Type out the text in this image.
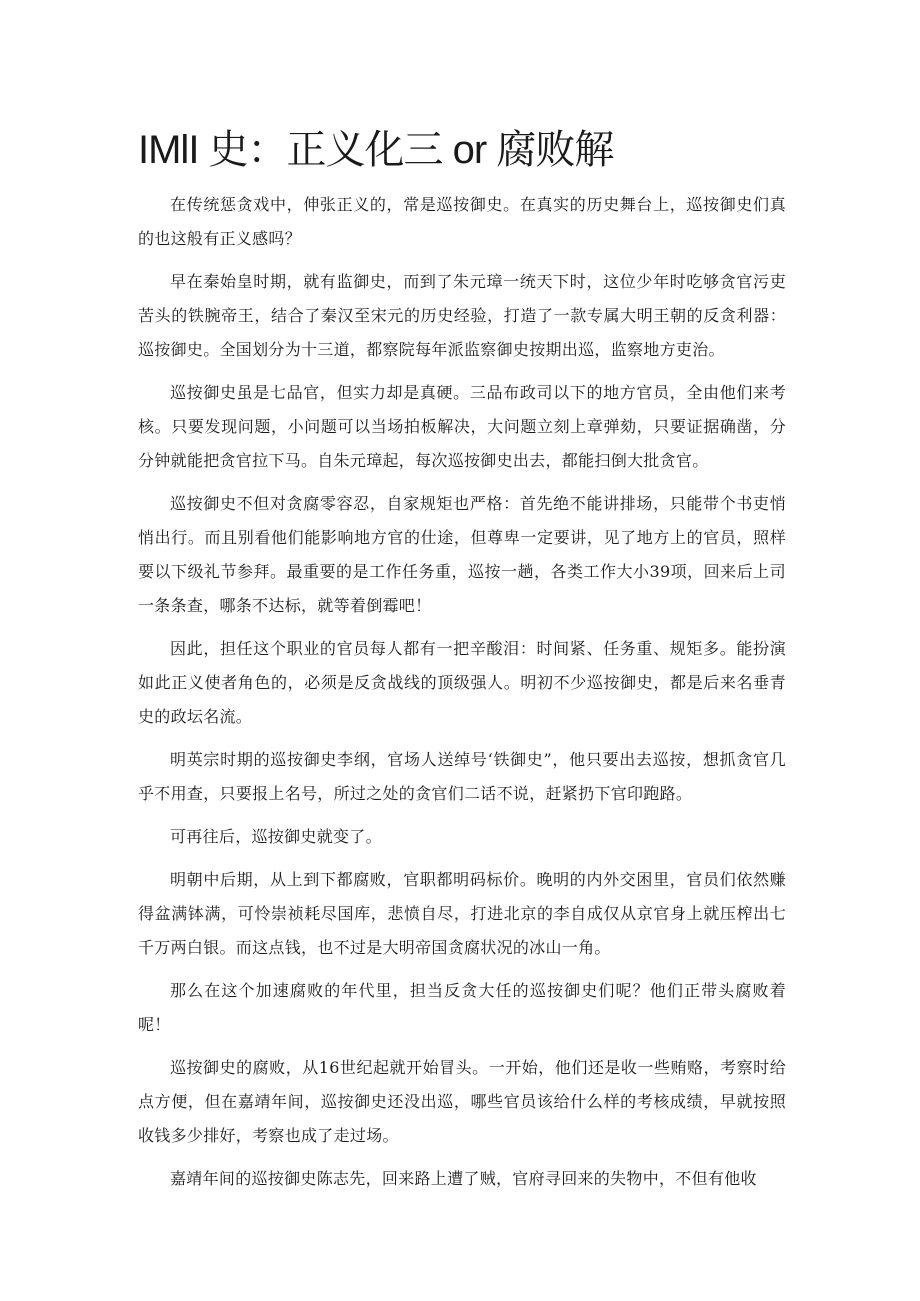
IMlI 史：正义化三 or 腐败解

在传统惩贪戏中，伸张正义的，常是巡按御史。在真实的历史舞台上，巡按御史们真的也这般有正义感吗？

早在秦始皇时期，就有监御史，而到了朱元璋一统天下时，这位少年时吃够贪官污吏苦头的铁腕帝王，结合了秦汉至宋元的历史经验，打造了一款专属大明王朝的反贪利器：巡按御史。全国划分为十三道，都察院每年派监察御史按期出巡，监察地方吏治。

巡按御史虽是七品官，但实力却是真硬。三品布政司以下的地方官员，全由他们来考核。只要发现问题，小问题可以当场拍板解决，大问题立刻上章弹劾，只要证据确凿，分分钟就能把贪官拉下马。自朱元璋起，每次巡按御史出去，都能扫倒大批贪官。

巡按御史不但对贪腐零容忍，自家规矩也严格：首先绝不能讲排场，只能带个书吏悄悄出行。而且别看他们能影响地方官的仕途，但尊卑一定要讲，见了地方上的官员，照样要以下级礼节参拜。最重要的是工作任务重，巡按一趟，各类工作大小39项，回来后上司一条条查，哪条不达标，就等着倒霉吧！

因此，担任这个职业的官员每人都有一把辛酸泪：时间紧、任务重、规矩多。能扮演如此正义使者角色的，必须是反贪战线的顶级强人。明初不少巡按御史，都是后来名垂青史的政坛名流。

明英宗时期的巡按御史李纲，官场人送绰号‘铁御史”，他只要出去巡按，想抓贪官几乎不用查，只要报上名号，所过之处的贪官们二话不说，赶紧扔下官印跑路。

可再往后，巡按御史就变了。

明朝中后期，从上到下都腐败，官职都明码标价。晚明的内外交困里，官员们依然赚得盆满钵满，可怜崇祯耗尽国库，悲愤自尽，打进北京的李自成仅从京官身上就压榨出七千万两白银。而这点钱，也不过是大明帝国贪腐状况的冰山一角。

那么在这个加速腐败的年代里，担当反贪大任的巡按御史们呢？他们正带头腐败着呢！

巡按御史的腐败，从16世纪起就开始冒头。一开始，他们还是收一些贿赂，考察时给点方便，但在嘉靖年间，巡按御史还没出巡，哪些官员该给什么样的考核成绩，早就按照收钱多少排好，考察也成了走过场。

嘉靖年间的巡按御史陈志先，回来路上遭了贼，官府寻回来的失物中，不但有他收
